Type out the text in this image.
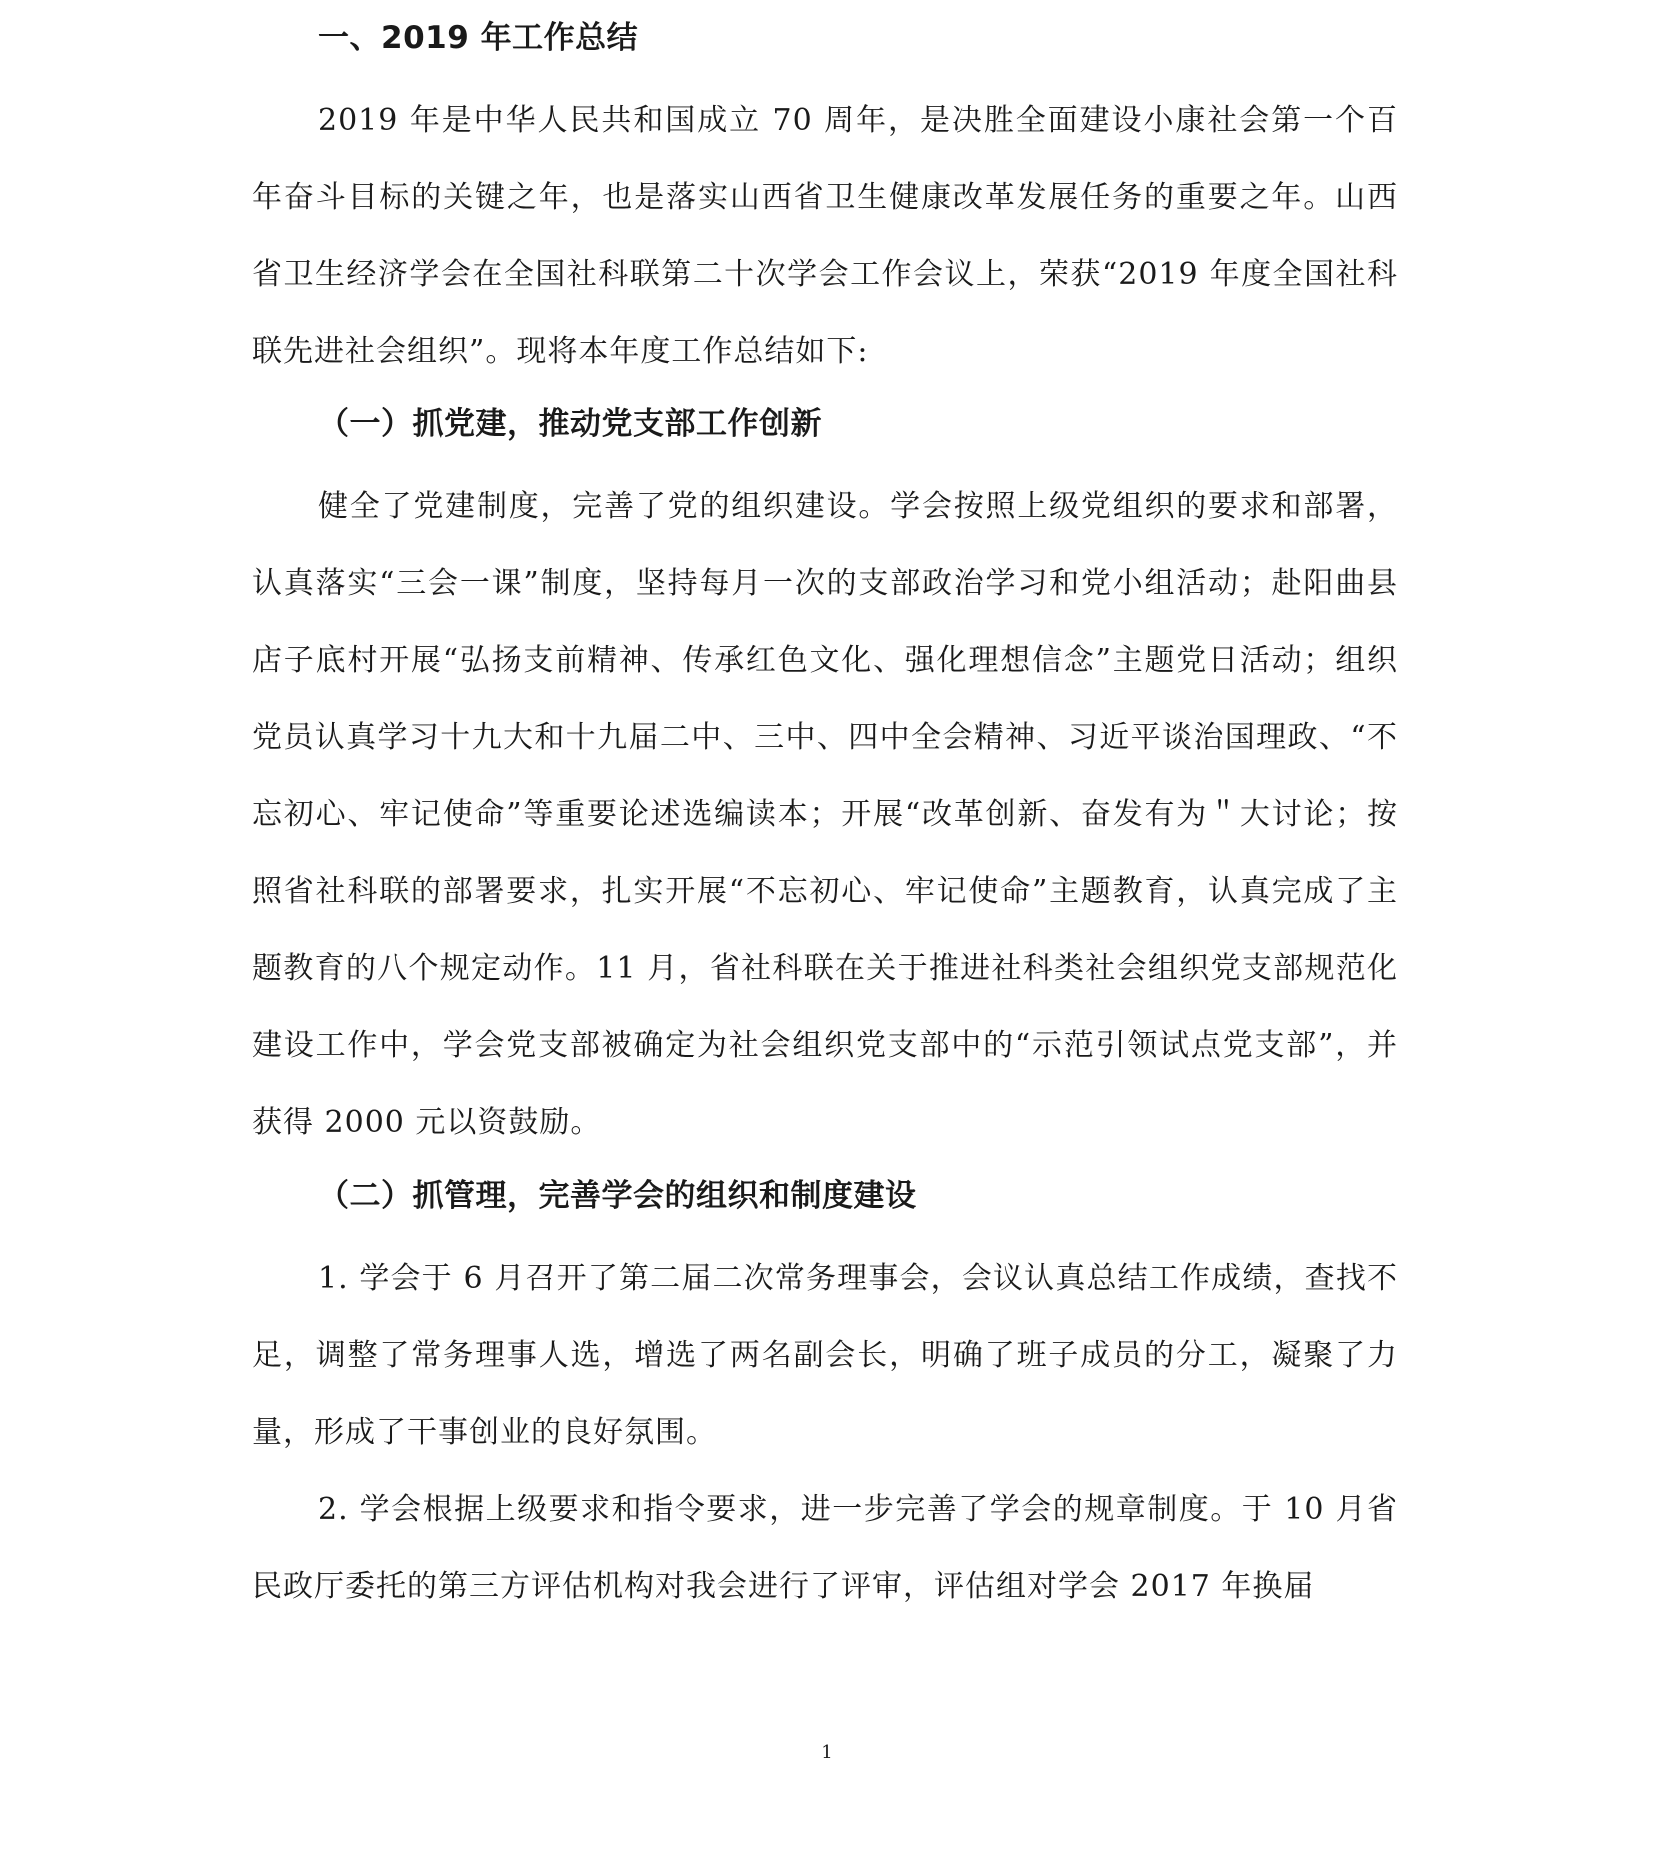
一、2019 年工作总结
2019 年是中华人民共和国成立 70 周年，是决胜全面建设小康社会第一个百年奋斗目标的关键之年，也是落实山西省卫生健康改革发展任务的重要之年。山西省卫生经济学会在全国社科联第二十次学会工作会议上，荣获“2019 年度全国社科联先进社会组织”。现将本年度工作总结如下:
（一）抓党建，推动党支部工作创新
健全了党建制度，完善了党的组织建设。学会按照上级党组织的要求和部署，认真落实“三会一课”制度，坚持每月一次的支部政治学习和党小组活动；赴阳曲县店子底村开展“弘扬支前精神、传承红色文化、强化理想信念”主题党日活动；组织党员认真学习十九大和十九届二中、三中、四中全会精神、习近平谈治国理政、“不忘初心、牢记使命”等重要论述选编读本；开展“改革创新、奋发有为＂大讨论；按照省社科联的部署要求，扎实开展“不忘初心、牢记使命”主题教育，认真完成了主题教育的八个规定动作。11 月，省社科联在关于推进社科类社会组织党支部规范化建设工作中，学会党支部被确定为社会组织党支部中的“示范引领试点党支部”，并获得 2000 元以资鼓励。
（二）抓管理，完善学会的组织和制度建设
1. 学会于 6 月召开了第二届二次常务理事会，会议认真总结工作成绩，查找不足，调整了常务理事人选，增选了两名副会长，明确了班子成员的分工，凝聚了力量，形成了干事创业的良好氛围。
2. 学会根据上级要求和指令要求，进一步完善了学会的规章制度。于 10 月省民政厅委托的第三方评估机构对我会进行了评审，评估组对学会 2017 年换届
1
